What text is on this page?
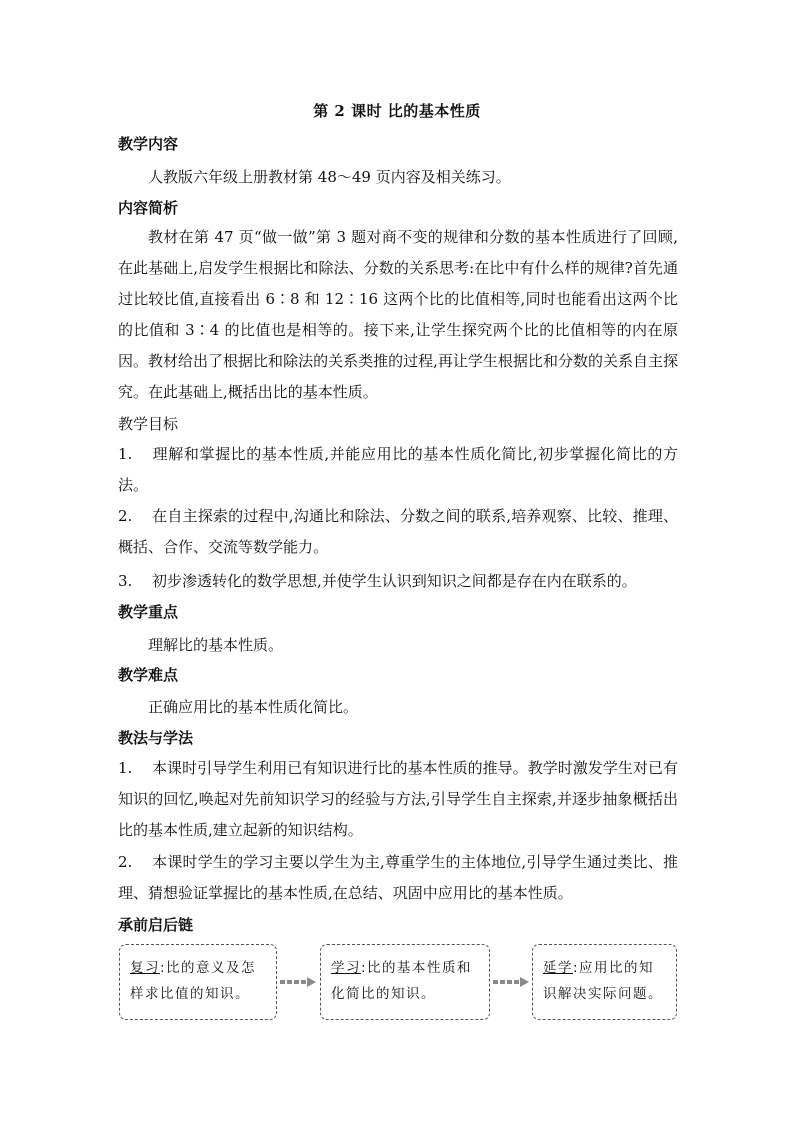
第 2 课时 比的基本性质
教学内容
人教版六年级上册教材第 48～49 页内容及相关练习。
内容简析
教材在第 47 页“做一做”第 3 题对商不变的规律和分数的基本性质进行了回顾,在此基础上,启发学生根据比和除法、分数的关系思考:在比中有什么样的规律?首先通过比较比值,直接看出 6∶8 和 12∶16 这两个比的比值相等,同时也能看出这两个比的比值和 3∶4 的比值也是相等的。接下来,让学生探究两个比的比值相等的内在原因。教材给出了根据比和除法的关系类推的过程,再让学生根据比和分数的关系自主探究。在此基础上,概括出比的基本性质。
教学目标
1. 理解和掌握比的基本性质,并能应用比的基本性质化简比,初步掌握化简比的方法。
2. 在自主探索的过程中,沟通比和除法、分数之间的联系,培养观察、比较、推理、概括、合作、交流等数学能力。
3. 初步渗透转化的数学思想,并使学生认识到知识之间都是存在内在联系的。
教学重点
理解比的基本性质。
教学难点
正确应用比的基本性质化简比。
教法与学法
1. 本课时引导学生利用已有知识进行比的基本性质的推导。教学时激发学生对已有知识的回忆,唤起对先前知识学习的经验与方法,引导学生自主探索,并逐步抽象概括出比的基本性质,建立起新的知识结构。
2. 本课时学生的学习主要以学生为主,尊重学生的主体地位,引导学生通过类比、推理、猜想验证掌握比的基本性质,在总结、巩固中应用比的基本性质。
承前启后链
复习:比的意义及怎样求比值的知识。
学习:比的基本性质和化简比的知识。
延学:应用比的知识解决实际问题。
